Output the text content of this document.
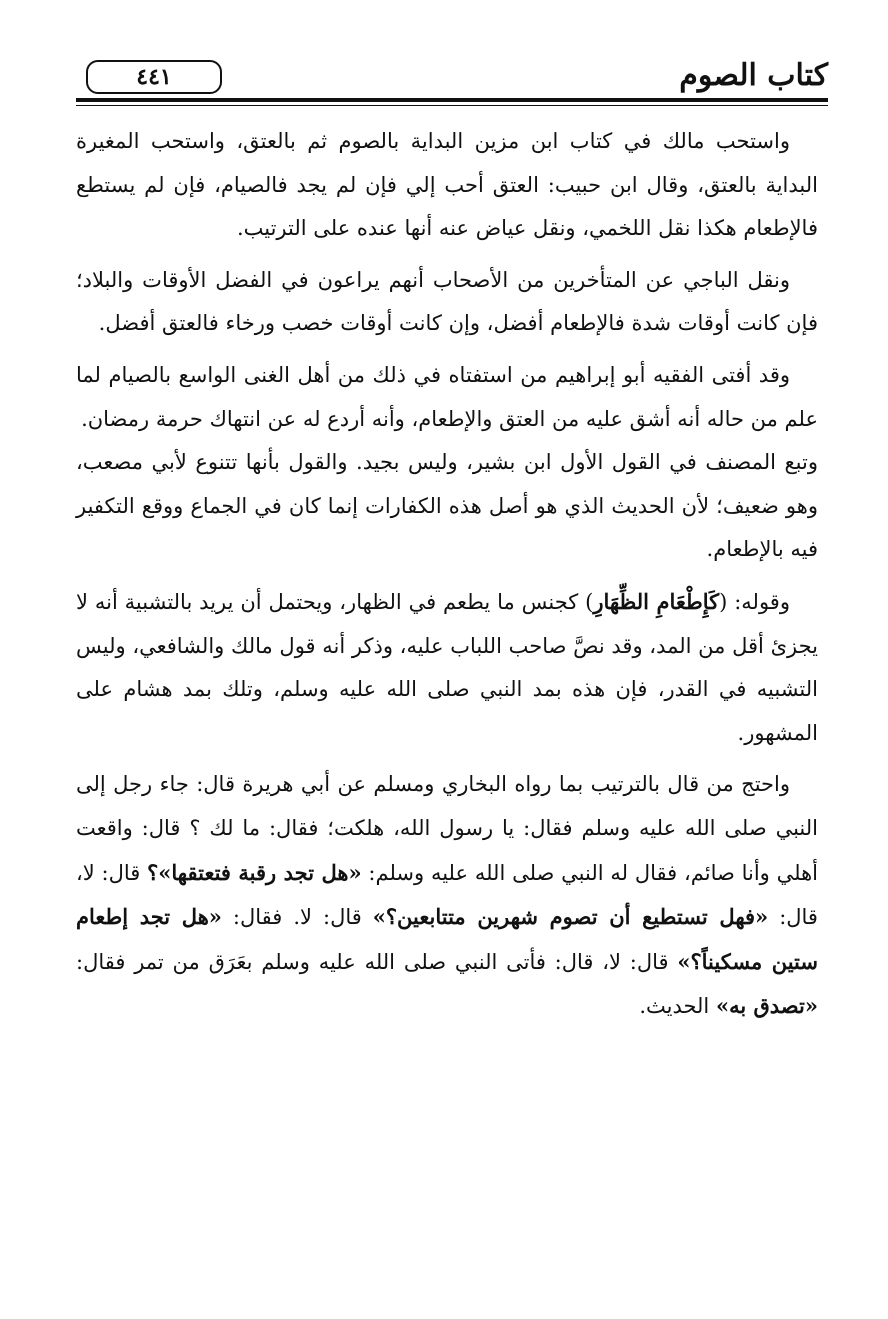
٤٤١	كتاب الصوم

واستحب مالك في كتاب ابن مزين البداية بالصوم ثم بالعتق، واستحب المغيرة البداية بالعتق، وقال ابن حبيب: العتق أحب إلي فإن لم يجد فالصيام، فإن لم يستطع فالإطعام هكذا نقل اللخمي، ونقل عياض عنه أنها عنده على الترتيب.

ونقل الباجي عن المتأخرين من الأصحاب أنهم يراعون في الفضل الأوقات والبلاد؛ فإن كانت أوقات شدة فالإطعام أفضل، وإن كانت أوقات خصب ورخاء فالعتق أفضل.

وقد أفتى الفقيه أبو إبراهيم من استفتاه في ذلك من أهل الغنى الواسع بالصيام لما علم من حاله أنه أشق عليه من العتق والإطعام، وأنه أردع له عن انتهاك حرمة رمضان.

وتبع المصنف في القول الأول ابن بشير، وليس بجيد. والقول بأنها تتنوع لأبي مصعب، وهو ضعيف؛ لأن الحديث الذي هو أصل هذه الكفارات إنما كان في الجماع ووقع التكفير فيه بالإطعام.

وقوله: (كَإِطْعَامِ الظِّهَارِ) كجنس ما يطعم في الظهار، ويحتمل أن يريد بالتشبية أنه لا يجزئ أقل من المد، وقد نصَّ صاحب اللباب عليه، وذكر أنه قول مالك والشافعي، وليس التشبيه في القدر، فإن هذه بمد النبي صلى الله عليه وسلم، وتلك بمد هشام على المشهور.

واحتج من قال بالترتيب بما رواه البخاري ومسلم عن أبي هريرة قال: جاء رجل إلى النبي صلى الله عليه وسلم فقال: يا رسول الله، هلكت؛ فقال: ما لك ؟ قال: واقعت أهلي وأنا صائم، فقال له النبي صلى الله عليه وسلم: «هل تجد رقبة فتعتقها»؟ قال: لا، قال: «فهل تستطيع أن تصوم شهرين متتابعين؟» قال: لا. فقال: «هل تجد إطعام ستين مسكيناً؟» قال: لا، قال: فأتى النبي صلى الله عليه وسلم بعَرَق من تمر فقال: «تصدق به» الحديث.
